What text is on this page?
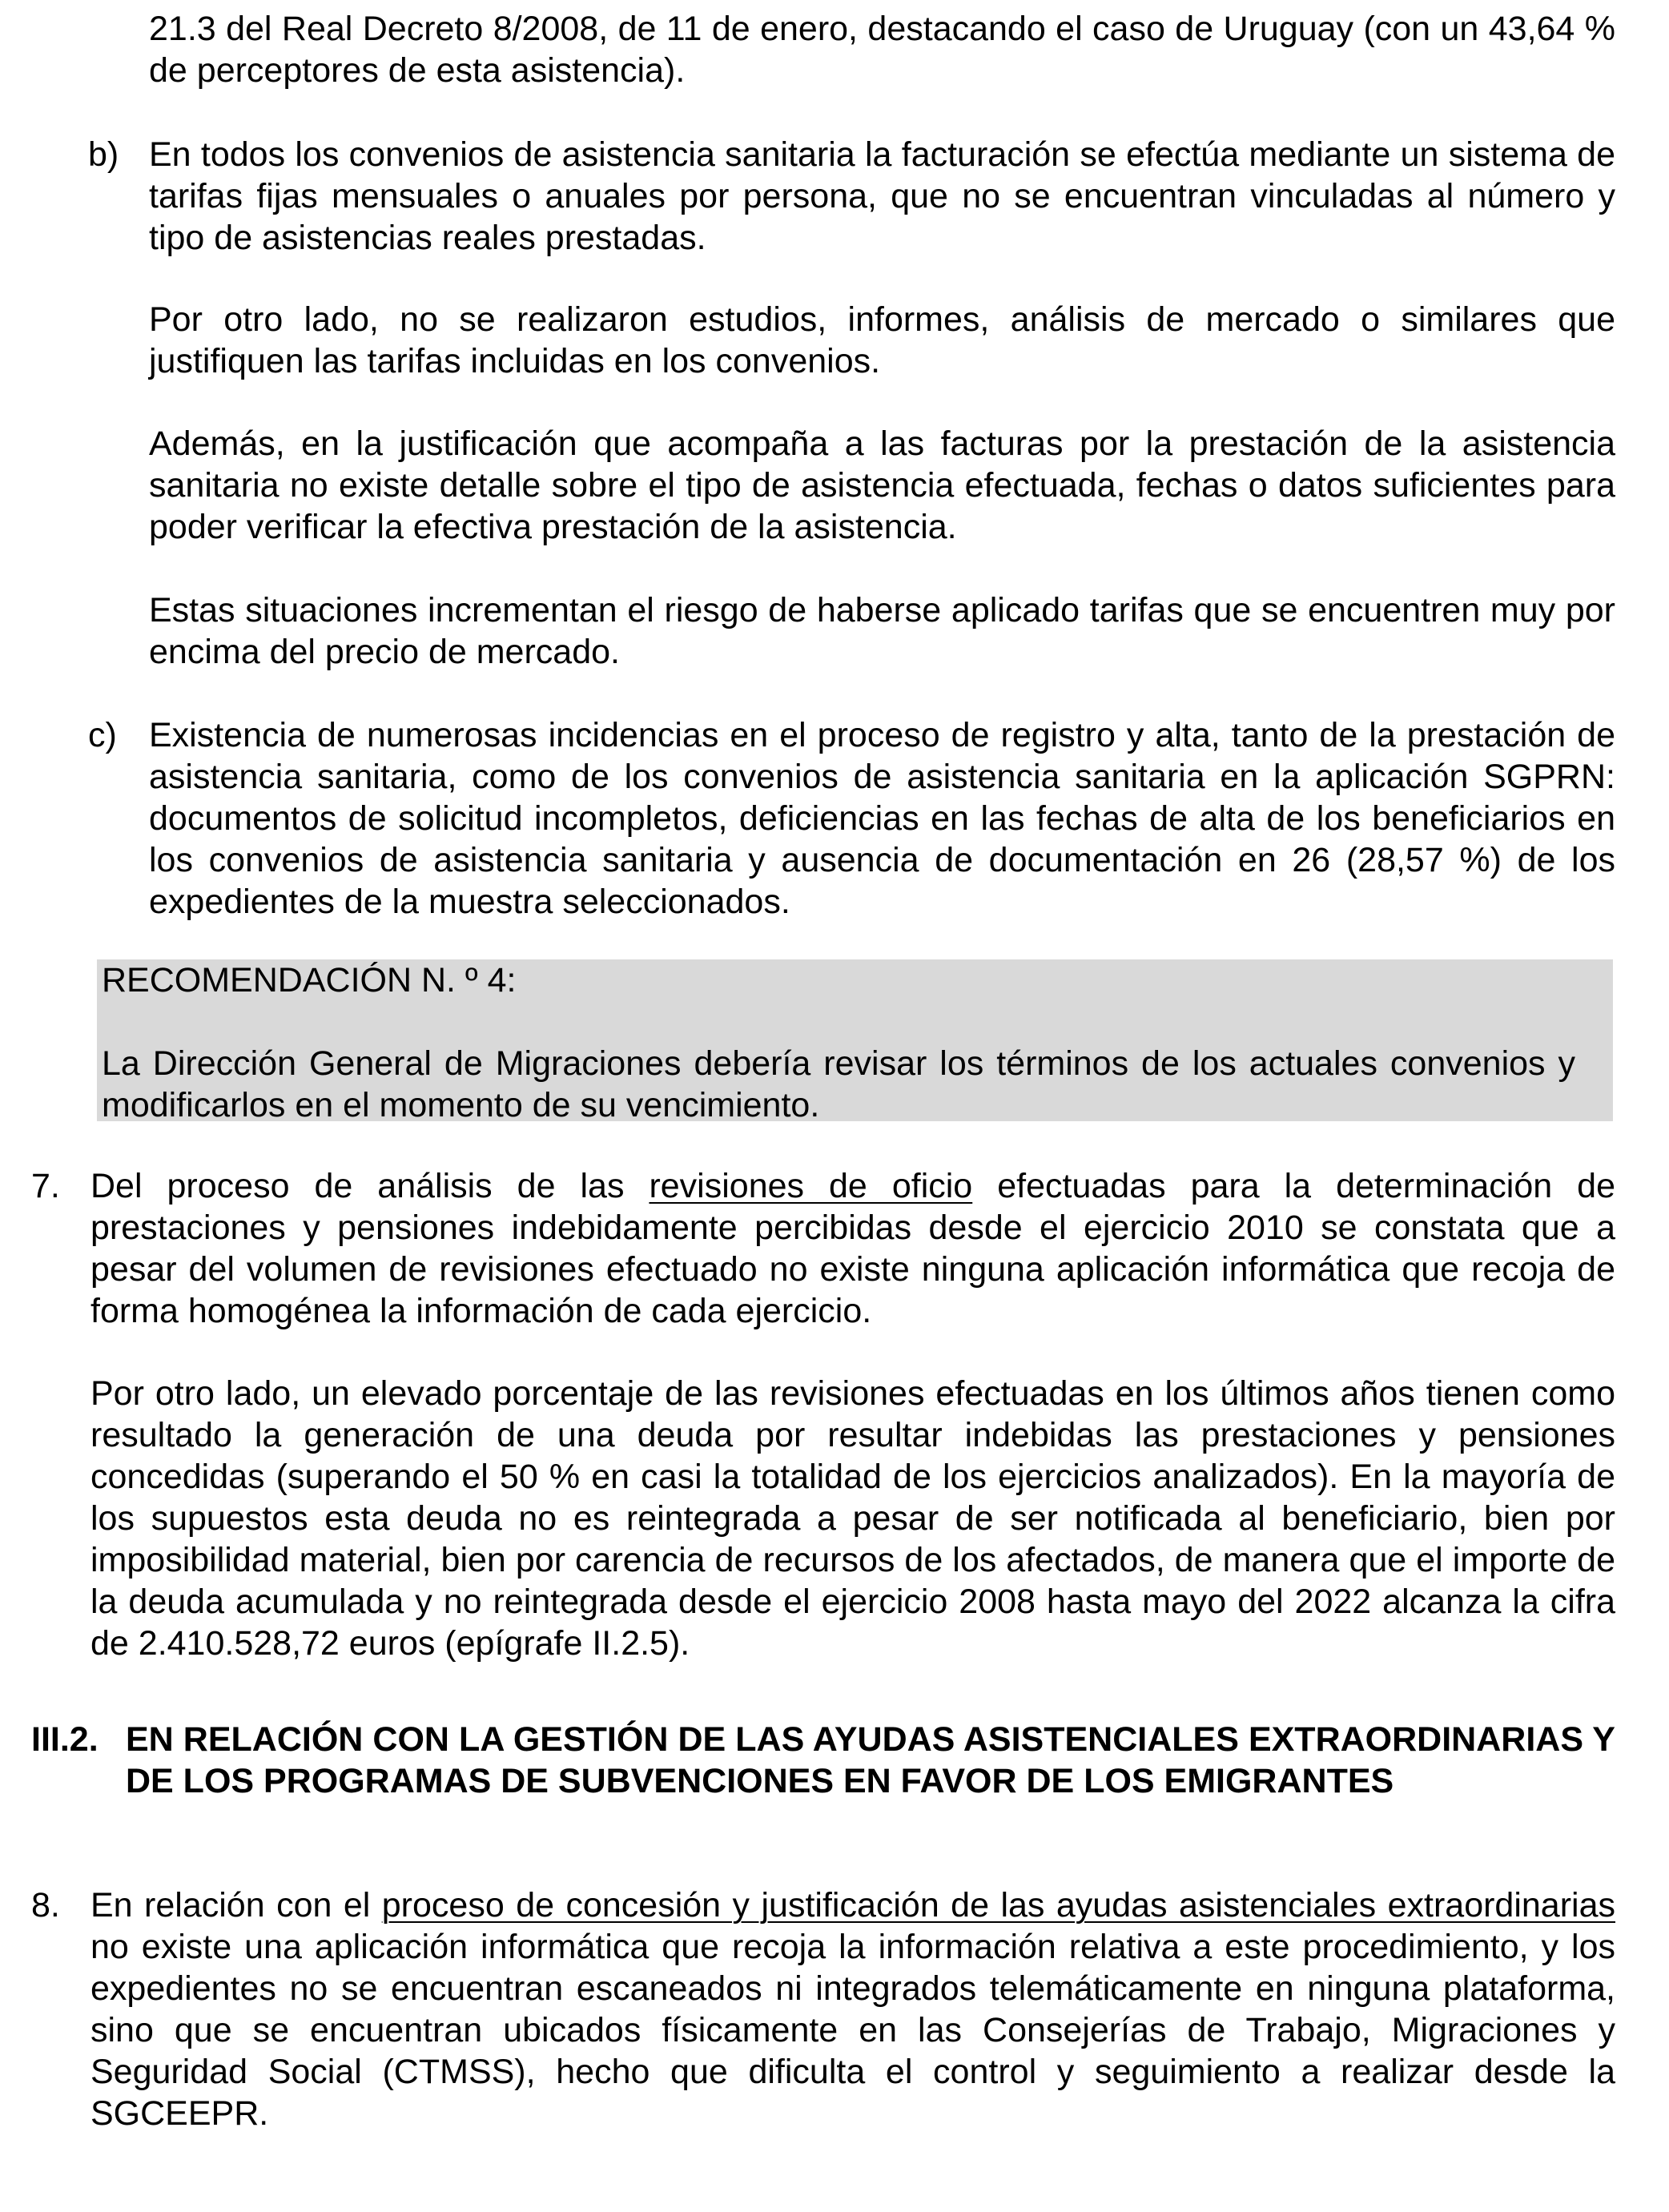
21.3 del Real Decreto 8/2008, de 11 de enero, destacando el caso de Uruguay (con un 43,64 % de perceptores de esta asistencia).

b) En todos los convenios de asistencia sanitaria la facturación se efectúa mediante un sistema de tarifas fijas mensuales o anuales por persona, que no se encuentran vinculadas al número y tipo de asistencias reales prestadas.

Por otro lado, no se realizaron estudios, informes, análisis de mercado o similares que justifiquen las tarifas incluidas en los convenios.

Además, en la justificación que acompaña a las facturas por la prestación de la asistencia sanitaria no existe detalle sobre el tipo de asistencia efectuada, fechas o datos suficientes para poder verificar la efectiva prestación de la asistencia.

Estas situaciones incrementan el riesgo de haberse aplicado tarifas que se encuentren muy por encima del precio de mercado.

c) Existencia de numerosas incidencias en el proceso de registro y alta, tanto de la prestación de asistencia sanitaria, como de los convenios de asistencia sanitaria en la aplicación SGPRN: documentos de solicitud incompletos, deficiencias en las fechas de alta de los beneficiarios en los convenios de asistencia sanitaria y ausencia de documentación en 26 (28,57 %) de los expedientes de la muestra seleccionados.

RECOMENDACIÓN N. º 4:

La Dirección General de Migraciones debería revisar los términos de los actuales convenios y modificarlos en el momento de su vencimiento.

7. Del proceso de análisis de las revisiones de oficio efectuadas para la determinación de prestaciones y pensiones indebidamente percibidas desde el ejercicio 2010 se constata que a pesar del volumen de revisiones efectuado no existe ninguna aplicación informática que recoja de forma homogénea la información de cada ejercicio.

Por otro lado, un elevado porcentaje de las revisiones efectuadas en los últimos años tienen como resultado la generación de una deuda por resultar indebidas las prestaciones y pensiones concedidas (superando el 50 % en casi la totalidad de los ejercicios analizados). En la mayoría de los supuestos esta deuda no es reintegrada a pesar de ser notificada al beneficiario, bien por imposibilidad material, bien por carencia de recursos de los afectados, de manera que el importe de la deuda acumulada y no reintegrada desde el ejercicio 2008 hasta mayo del 2022 alcanza la cifra de 2.410.528,72 euros (epígrafe II.2.5).

III.2. EN RELACIÓN CON LA GESTIÓN DE LAS AYUDAS ASISTENCIALES EXTRAORDINARIAS Y DE LOS PROGRAMAS DE SUBVENCIONES EN FAVOR DE LOS EMIGRANTES

8. En relación con el proceso de concesión y justificación de las ayudas asistenciales extraordinarias no existe una aplicación informática que recoja la información relativa a este procedimiento, y los expedientes no se encuentran escaneados ni integrados telemáticamente en ninguna plataforma, sino que se encuentran ubicados físicamente en las Consejerías de Trabajo, Migraciones y Seguridad Social (CTMSS), hecho que dificulta el control y seguimiento a realizar desde la SGCEEPR.
